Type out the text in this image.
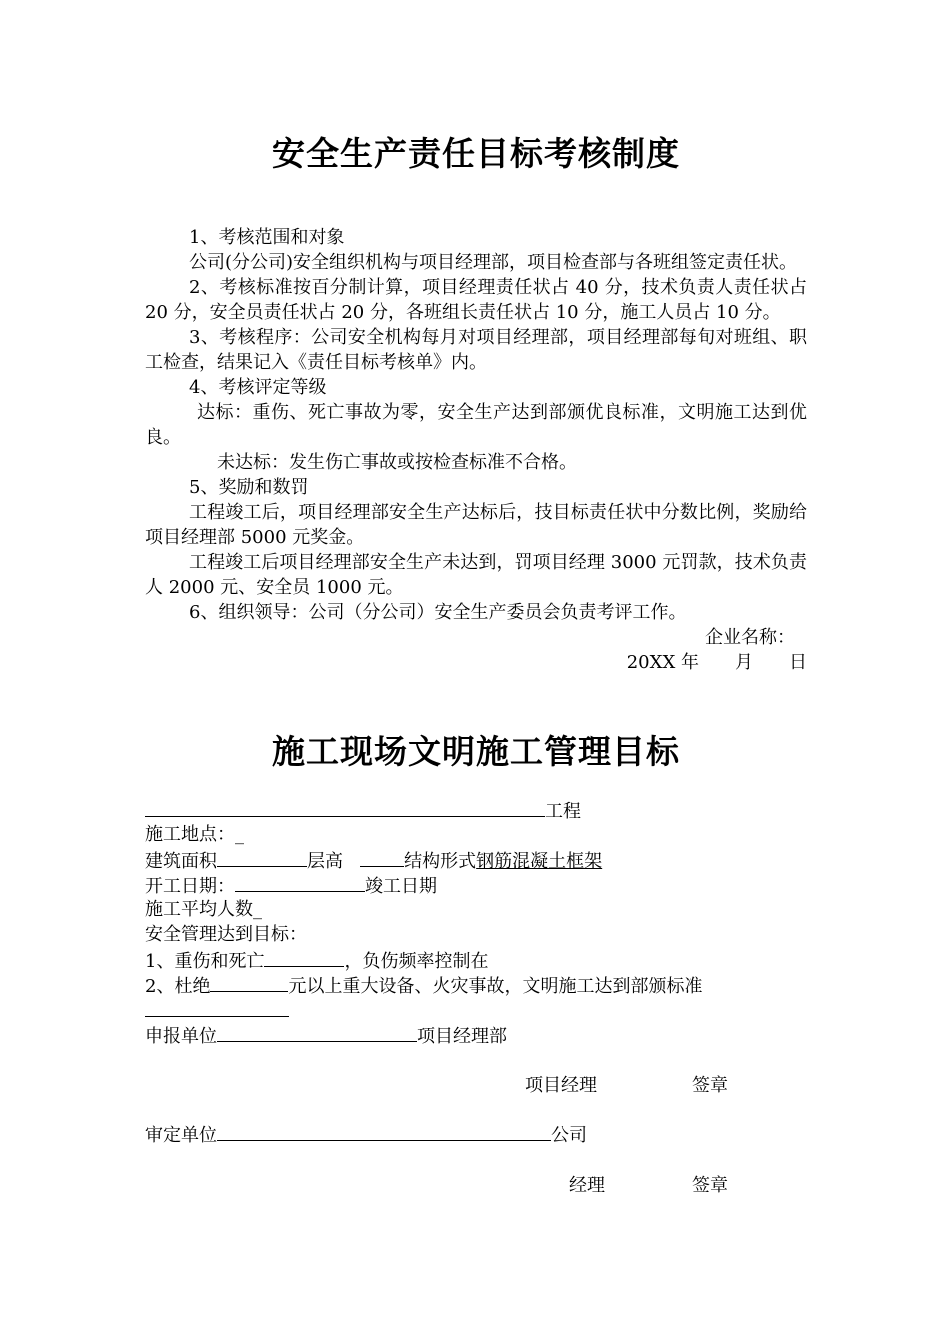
安全生产责任目标考核制度

1、考核范围和对象

公司(分公司)安全组织机构与项目经理部，项目检查部与各班组签定责任状。

2、考核标准按百分制计算，项目经理责任状占 40 分，技术负责人责任状占 20 分，安全员责任状占 20 分，各班组长责任状占 10 分，施工人员占 10 分。

3、考核程序：公司安全机构每月对项目经理部，项目经理部每旬对班组、职工检查，结果记入《责任目标考核单》内。

4、考核评定等级

达标：重伤、死亡事故为零，安全生产达到部颁优良标准，文明施工达到优良。

未达标：发生伤亡事故或按检查标准不合格。

5、奖励和数罚

工程竣工后，项目经理部安全生产达标后，技目标责任状中分数比例，奖励给项目经理部 5000 元奖金。

工程竣工后项目经理部安全生产未达到，罚项目经理 3000 元罚款，技术负责人 2000 元、安全员 1000 元。

6、组织领导：公司（分公司）安全生产委员会负责考评工作。

企业名称：

20XX 年　　月　　日

施工现场文明施工管理目标
工程
施工地点：_
建筑面积	层高	结构形式钢筋混凝土框架
开工日期：	竣工日期
施工平均人数_
安全管理达到目标：
1、重伤和死亡	，负伤频率控制在
2、杜绝	元以上重大设备、火灾事故，文明施工达到部颁标准
申报单位	项目经理部
项目经理	签章
审定单位	公司
经理	签章
